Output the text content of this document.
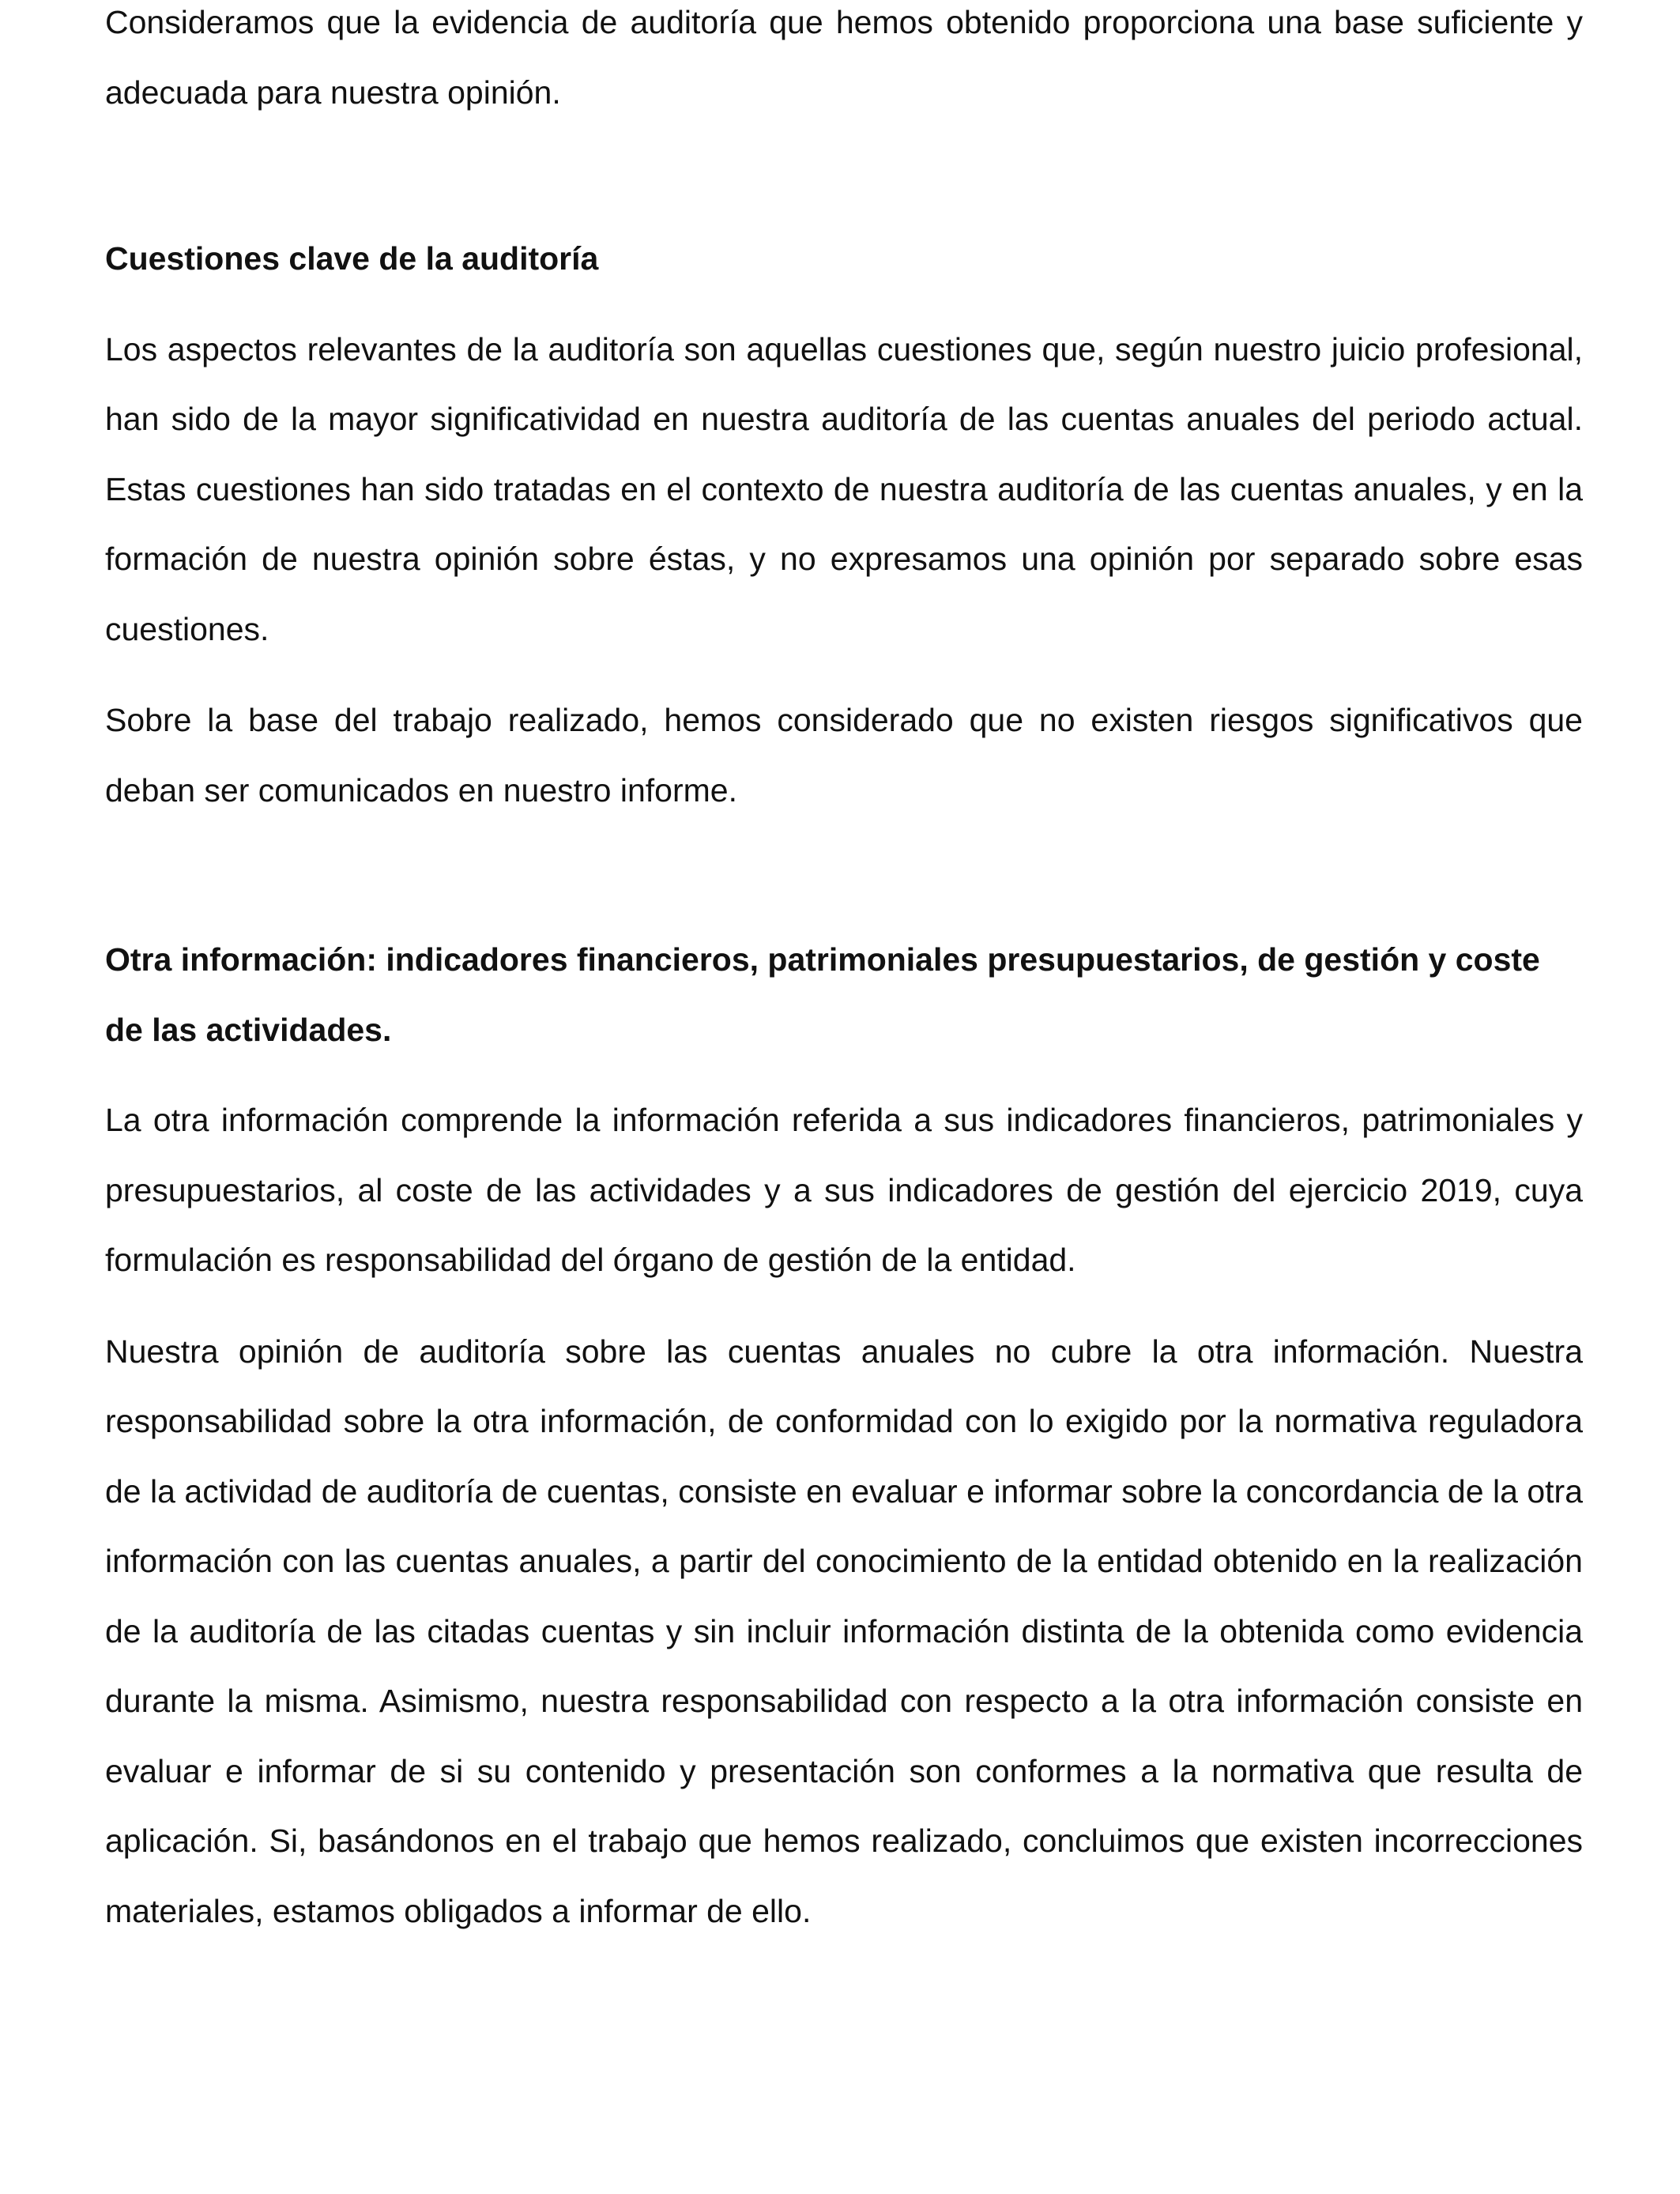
Consideramos que la evidencia de auditoría que hemos obtenido proporciona una base suficiente y adecuada para nuestra opinión.

Cuestiones clave de la auditoría

Los aspectos relevantes de la auditoría son aquellas cuestiones que, según nuestro juicio profesional, han sido de la mayor significatividad en nuestra auditoría de las cuentas anuales del periodo actual. Estas cuestiones han sido tratadas en el contexto de nuestra auditoría de las cuentas anuales, y en la formación de nuestra opinión sobre éstas, y no expresamos una opinión por separado sobre esas cuestiones.

Sobre la base del trabajo realizado, hemos considerado que no existen riesgos significativos que deban ser comunicados en nuestro informe.

Otra información: indicadores financieros, patrimoniales presupuestarios, de gestión y coste de las actividades.

La otra información comprende la información referida a sus indicadores financieros, patrimoniales y presupuestarios, al coste de las actividades y a sus indicadores de gestión del ejercicio 2019, cuya formulación es responsabilidad del órgano de gestión de la entidad.

Nuestra opinión de auditoría sobre las cuentas anuales no cubre la otra información. Nuestra responsabilidad sobre la otra información, de conformidad con lo exigido por la normativa reguladora de la actividad de auditoría de cuentas, consiste en evaluar e informar sobre la concordancia de la otra información con las cuentas anuales, a partir del conocimiento de la entidad obtenido en la realización de la auditoría de las citadas cuentas y sin incluir información distinta de la obtenida como evidencia durante la misma. Asimismo, nuestra responsabilidad con respecto a la otra información consiste en evaluar e informar de si su contenido y presentación son conformes a la normativa que resulta de aplicación. Si, basándonos en el trabajo que hemos realizado, concluimos que existen incorrecciones materiales, estamos obligados a informar de ello.
